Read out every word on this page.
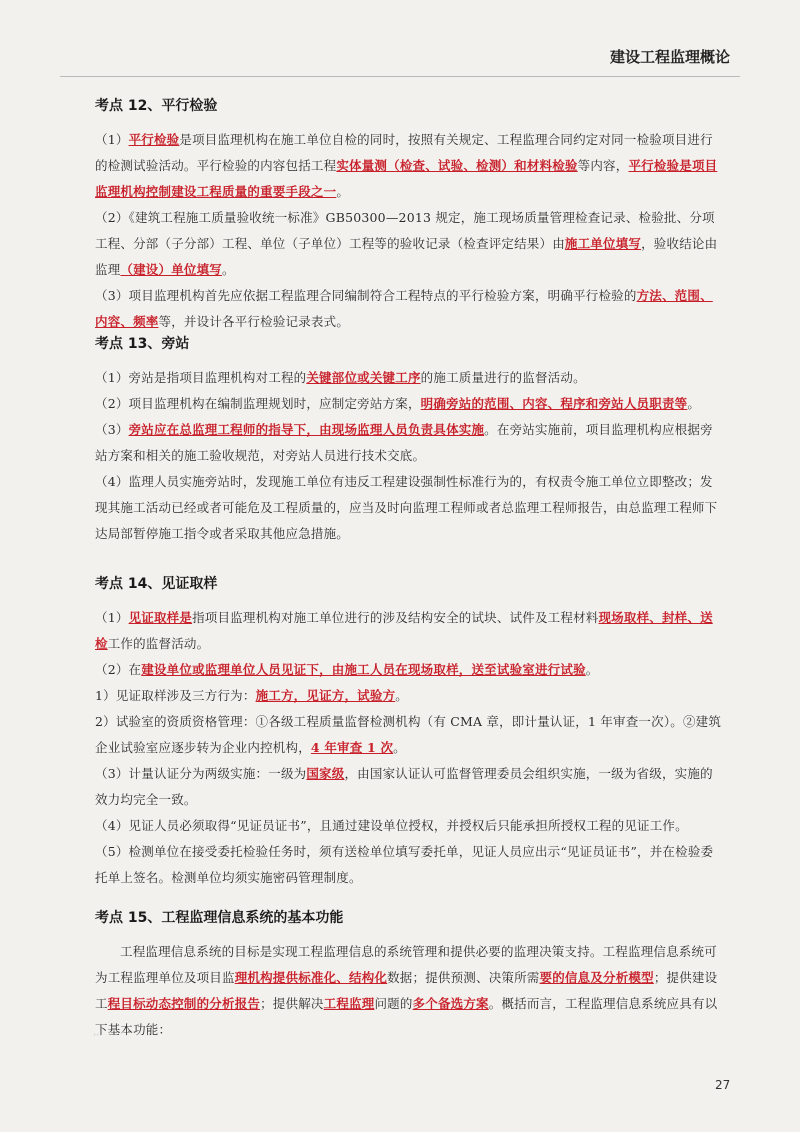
建设工程监理概论
考点 12、平行检验
（1）平行检验是项目监理机构在施工单位自检的同时，按照有关规定、工程监理合同约定对同一检验项目进行的检测试验活动。平行检验的内容包括工程实体量测（检查、试验、检测）和材料检验等内容，平行检验是项目监理机构控制建设工程质量的重要手段之一。
（2）《建筑工程施工质量验收统一标准》GB50300—2013 规定，施工现场质量管理检查记录、检验批、分项工程、分部（子分部）工程、单位（子单位）工程等的验收记录（检查评定结果）由施工单位填写，验收结论由监理（建设）单位填写。
（3）项目监理机构首先应依据工程监理合同编制符合工程特点的平行检验方案，明确平行检验的方法、范围、内容、频率等，并设计各平行检验记录表式。
考点 13、旁站
（1）旁站是指项目监理机构对工程的关键部位或关键工序的施工质量进行的监督活动。
（2）项目监理机构在编制监理规划时，应制定旁站方案，明确旁站的范围、内容、程序和旁站人员职责等。
（3）旁站应在总监理工程师的指导下，由现场监理人员负责具体实施。在旁站实施前，项目监理机构应根据旁站方案和相关的施工验收规范，对旁站人员进行技术交底。
（4）监理人员实施旁站时，发现施工单位有违反工程建设强制性标准行为的，有权责令施工单位立即整改；发现其施工活动已经或者可能危及工程质量的，应当及时向监理工程师或者总监理工程师报告，由总监理工程师下达局部暂停施工指令或者采取其他应急措施。
考点 14、见证取样
（1）见证取样是指项目监理机构对施工单位进行的涉及结构安全的试块、试件及工程材料现场取样、封样、送检工作的监督活动。
（2）在建设单位或监理单位人员见证下，由施工人员在现场取样，送至试验室进行试验。
1）见证取样涉及三方行为：施工方，见证方，试验方。
2）试验室的资质资格管理：①各级工程质量监督检测机构（有 CMA 章，即计量认证，1 年审查一次）。②建筑企业试验室应逐步转为企业内控机构，4 年审查 1 次。
（3）计量认证分为两级实施：一级为国家级，由国家认证认可监督管理委员会组织实施，一级为省级，实施的效力均完全一致。
（4）见证人员必须取得“见证员证书”，且通过建设单位授权，并授权后只能承担所授权工程的见证工作。
（5）检测单位在接受委托检验任务时，须有送检单位填写委托单，见证人员应出示“见证员证书”，并在检验委托单上签名。检测单位均须实施密码管理制度。
考点 15、工程监理信息系统的基本功能
工程监理信息系统的目标是实现工程监理信息的系统管理和提供必要的监理决策支持。工程监理信息系统可为工程监理单位及项目监理机构提供标准化、结构化数据；提供预测、决策所需要的信息及分析模型；提供建设工程目标动态控制的分析报告；提供解决工程监理问题的多个备选方案。概括而言，工程监理信息系统应具有以下基本功能：
’’
27
